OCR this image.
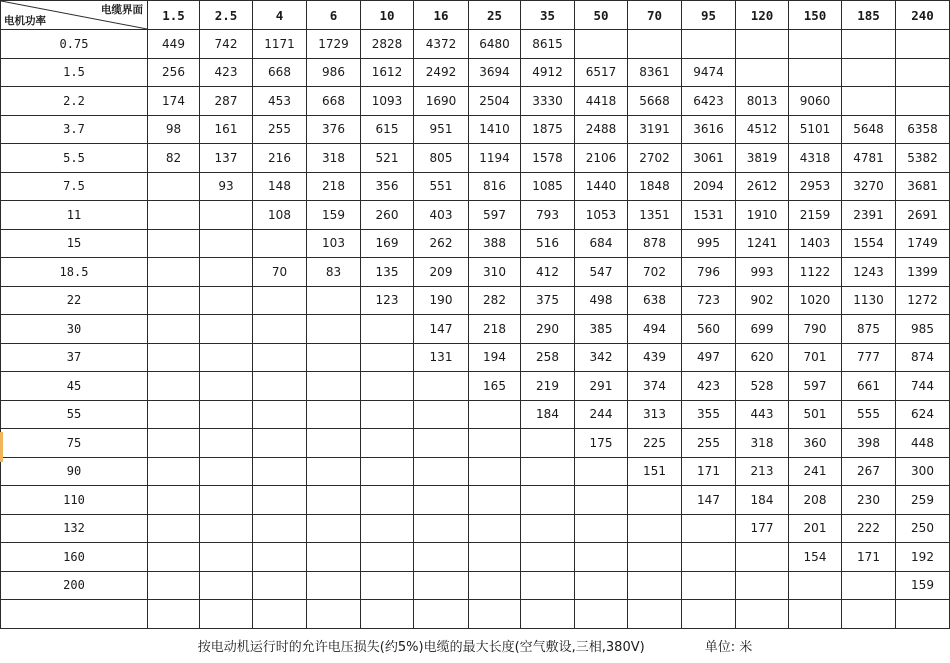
电缆界面
电机功率	1.5	2.5	4	6	10	16	25	35	50	70	95	120	150	185	240
0.75	449	742	1171	1729	2828	4372	6480	8615							
1.5	256	423	668	986	1612	2492	3694	4912	6517	8361	9474				
2.2	174	287	453	668	1093	1690	2504	3330	4418	5668	6423	8013	9060		
3.7	98	161	255	376	615	951	1410	1875	2488	3191	3616	4512	5101	5648	6358
5.5	82	137	216	318	521	805	1194	1578	2106	2702	3061	3819	4318	4781	5382
7.5		93	148	218	356	551	816	1085	1440	1848	2094	2612	2953	3270	3681
11			108	159	260	403	597	793	1053	1351	1531	1910	2159	2391	2691
15				103	169	262	388	516	684	878	995	1241	1403	1554	1749
18.5			70	83	135	209	310	412	547	702	796	993	1122	1243	1399
22					123	190	282	375	498	638	723	902	1020	1130	1272
30						147	218	290	385	494	560	699	790	875	985
37						131	194	258	342	439	497	620	701	777	874
45							165	219	291	374	423	528	597	661	744
55								184	244	313	355	443	501	555	624
75									175	225	255	318	360	398	448
90										151	171	213	241	267	300
110											147	184	208	230	259
132												177	201	222	250
160													154	171	192
200															159

按电动机运行时的允许电压损失(约5%)电缆的最大长度(空气敷设,三相,380V) 单位: 米															
